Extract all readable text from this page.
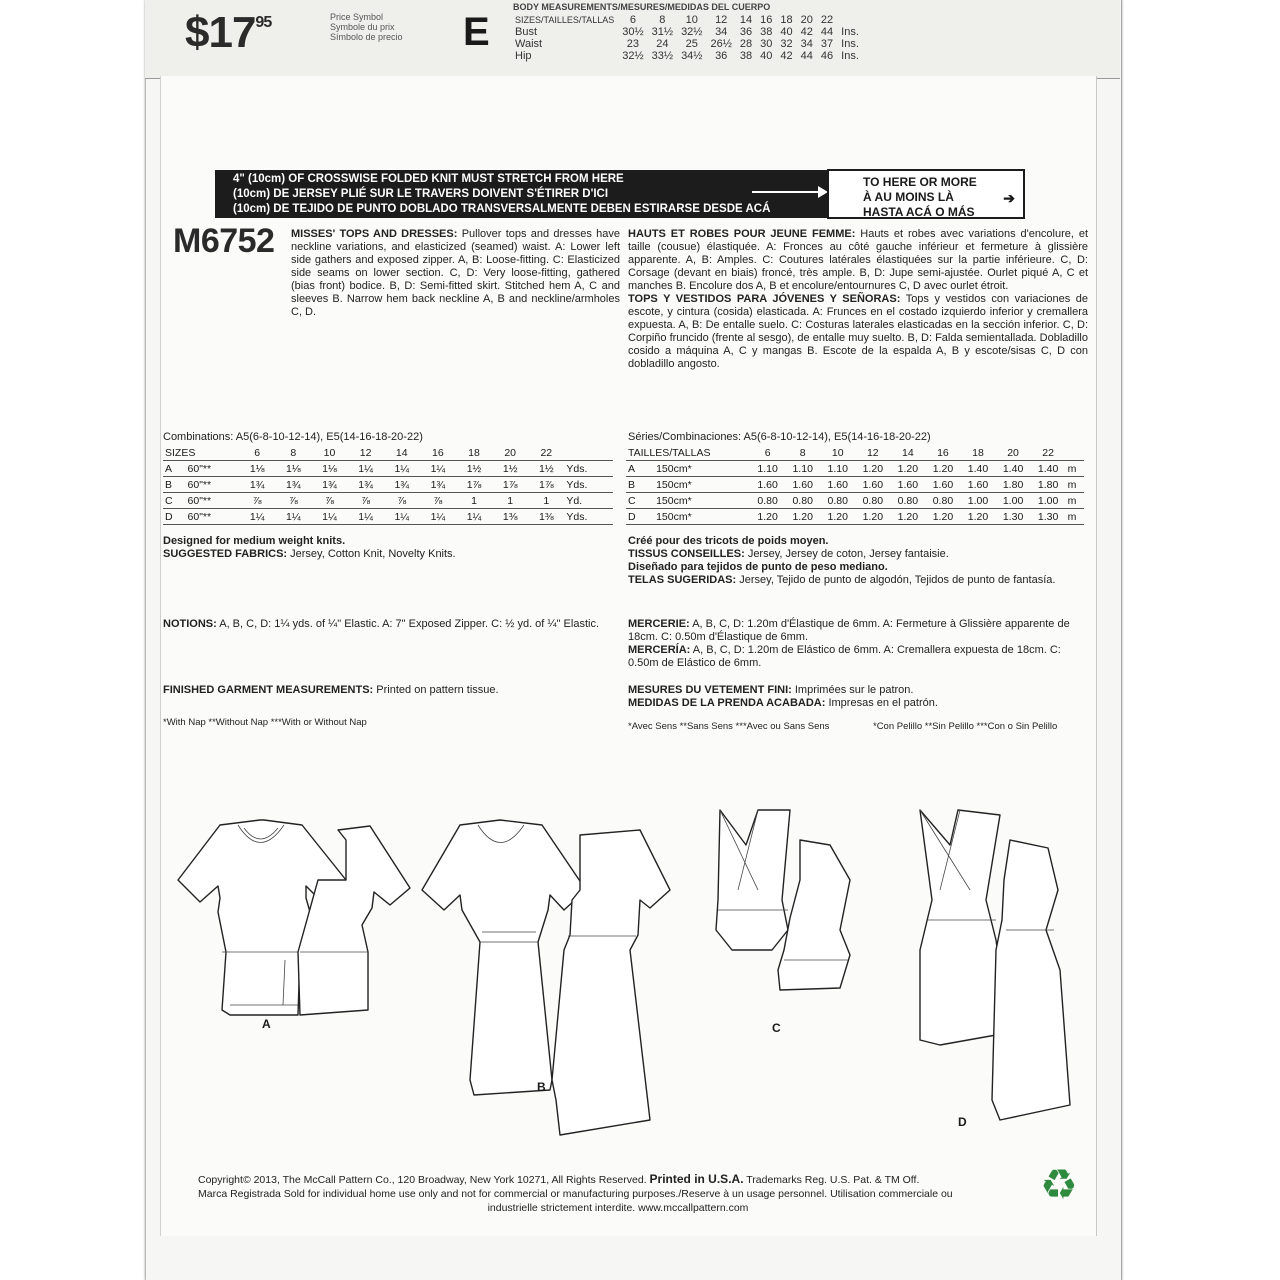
$\$17^{95}$	Price Symbol
Symbole du prix
Símbolo de precio E
BODY MEASUREMENTS/MESURES/MEDIDAS DEL CUERPO
SIZES/TAILLES/TALLAS	6	8	10	12	14	16	18	20	22	
Bust	30½	31½	32½	34	36	38	40	42	44	Ins.
Waist	23	24	25	26½	28	30	32	34	37	Ins.
Hip	32½	33½	34½	36	38	40	42	44	46	Ins.
4" (10cm) OF CROSSWISE FOLDED KNIT MUST STRETCH FROM HERE
(10cm) DE JERSEY PLIÉ SUR LE TRAVERS DOIVENT S'ÉTIRER D'ICI
(10cm) DE TEJIDO DE PUNTO DOBLADO TRANSVERSALMENTE DEBEN ESTIRARSE DESDE ACÁ
TO HERE OR MORE
À AU MOINS LÀ
HASTA ACÁ O MÁS
➔
M6752 MISSES' TOPS AND DRESSES: Pullover tops and dresses have neckline variations, and elasticized (seamed) waist. A: Lower left side gathers and exposed zipper. A, B: Loose-fitting. C: Elasticized side seams on lower section. C, D: Very loose-fitting, gathered (bias front) bodice. B, D: Semi-fitted skirt. Stitched hem A, C and sleeves B. Narrow hem back neckline A, B and neckline/armholes C, D.
HAUTS ET ROBES POUR JEUNE FEMME: Hauts et robes avec variations d'encolure, et taille (cousue) élastiquée. A: Fronces au côté gauche inférieur et fermeture à glissière apparente. A, B: Amples. C: Coutures latérales élastiquées sur la partie inférieure. C, D: Corsage (devant en biais) froncé, très ample. B, D: Jupe semi-ajustée. Ourlet piqué A, C et manches B. Encolure dos A, B et encolure/entournures C, D avec ourlet étroit.
TOPS Y VESTIDOS PARA JÓVENES Y SEÑORAS: Tops y vestidos con variaciones de escote, y cintura (cosida) elasticada. A: Frunces en el costado izquierdo inferior y cremallera expuesta. A, B: De entalle suelo. C: Costuras laterales elasticadas en la sección inferior. C, D: Corpiño fruncido (frente al sesgo), de entalle muy suelto. B, D: Falda semientallada. Dobladillo cosido a máquina A, C y mangas B. Escote de la espalda A, B y escote/sisas C, D con dobladillo angosto.
Combinations: A5(6-8-10-12-14), E5(14-16-18-20-22)
SIZES		6	8	10	12	14	16	18	20	22	
A	60"**	1⅛	1⅛	1⅛	1¼	1¼	1¼	1½	1½	1½	Yds.
B	60"**	1¾	1¾	1¾	1¾	1¾	1¾	1⅞	1⅞	1⅞	Yds.
C	60"**	⅞	⅞	⅞	⅞	⅞	⅞	1	1	1	Yd.
D	60"**	1¼	1¼	1¼	1¼	1¼	1¼	1¼	1⅜	1⅜	Yds.
Séries/Combinaciones: A5(6-8-10-12-14), E5(14-16-18-20-22)
TAILLES/TALLAS		6	8	10	12	14	16	18	20	22	
A	150cm*	1.10	1.10	1.10	1.20	1.20	1.20	1.40	1.40	1.40	m
B	150cm*	1.60	1.60	1.60	1.60	1.60	1.60	1.60	1.80	1.80	m
C	150cm*	0.80	0.80	0.80	0.80	0.80	0.80	1.00	1.00	1.00	m
D	150cm*	1.20	1.20	1.20	1.20	1.20	1.20	1.20	1.30	1.30	m
Designed for medium weight knits.
SUGGESTED FABRICS: Jersey, Cotton Knit, Novelty Knits.
NOTIONS: A, B, C, D: 1¼ yds. of ¼" Elastic. A: 7" Exposed Zipper. C: ½ yd. of ¼" Elastic.
FINISHED GARMENT MEASUREMENTS: Printed on pattern tissue.
*With Nap **Without Nap ***With or Without Nap
Créé pour des tricots de poids moyen.
TISSUS CONSEILLES: Jersey, Jersey de coton, Jersey fantaisie.
Diseñado para tejidos de punto de peso mediano.
TELAS SUGERIDAS: Jersey, Tejido de punto de algodón, Tejidos de punto de fantasía.
MERCERIE: A, B, C, D: 1.20m d'Élastique de 6mm. A: Fermeture à Glissière apparente de 18cm. C: 0.50m d'Élastique de 6mm.
MERCERÍA: A, B, C, D: 1.20m de Elástico de 6mm. A: Cremallera expuesta de 18cm. C: 0.50m de Elástico de 6mm.
MESURES DU VETEMENT FINI: Imprimées sur le patron.
MEDIDAS DE LA PRENDA ACABADA: Impresas en el patrón.
*Avec Sens **Sans Sens ***Avec ou Sans Sens	*Con Pelillo **Sin Pelillo ***Con o Sin Pelillo
A
B
C
D
Copyright© 2013, The McCall Pattern Co., 120 Broadway, New York 10271, All Rights Reserved. Printed in U.S.A. Trademarks Reg. U.S. Pat. & TM Off.
Marca Registrada Sold for individual home use only and not for commercial or manufacturing purposes./Reserve à un usage personnel. Utilisation commerciale ou
industrielle strictement interdite. www.mccallpattern.com	♻
